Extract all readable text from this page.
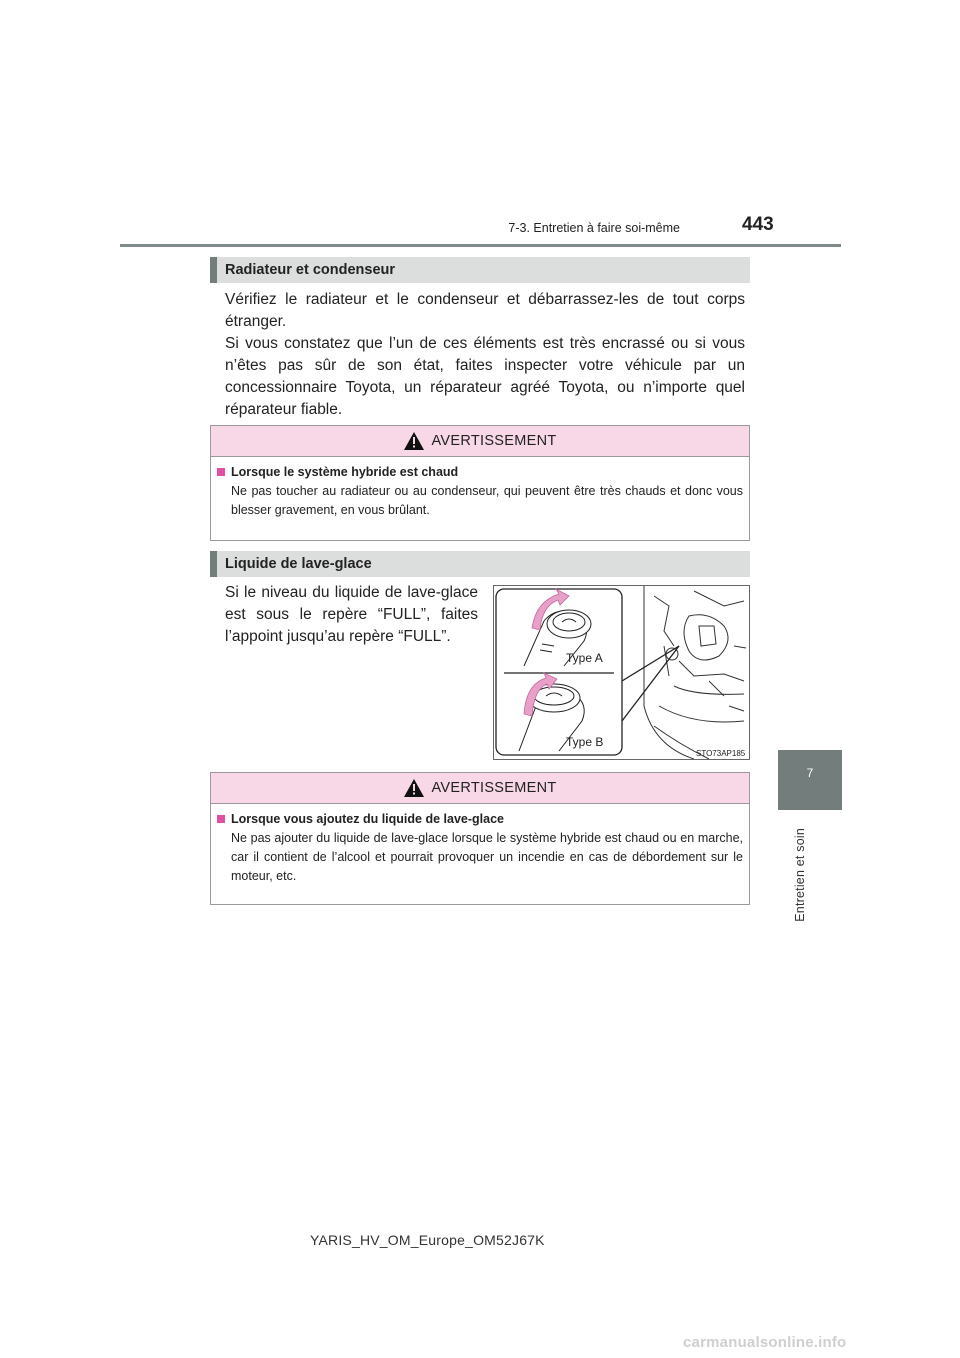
7-3. Entretien à faire soi-même	443
7
Entretien et soin
Radiateur et condenseur

Vérifiez le radiateur et le condenseur et débarrassez-les de tout corps étranger.

Si vous constatez que l’un de ces éléments est très encrassé ou si vous n’êtes pas sûr de son état, faites inspecter votre véhicule par un concessionnaire Toyota, un réparateur agréé Toyota, ou n’importe quel réparateur fiable.

AVERTISSEMENT
Lorsque le système hybride est chaud
Ne pas toucher au radiateur ou au condenseur, qui peuvent être très chauds et donc vous blesser gravement, en vous brûlant.
Liquide de lave-glace

Si le niveau du liquide de lave-glace est sous le repère “FULL”, faites l’appoint jusqu’au repère “FULL”.

Type A
Type B
STO73AP185
AVERTISSEMENT
Lorsque vous ajoutez du liquide de lave-glace
Ne pas ajouter du liquide de lave-glace lorsque le système hybride est chaud ou en marche, car il contient de l’alcool et pourrait provoquer un incendie en cas de débordement sur le moteur, etc.
YARIS_HV_OM_Europe_OM52J67K
carmanualsonline.info
